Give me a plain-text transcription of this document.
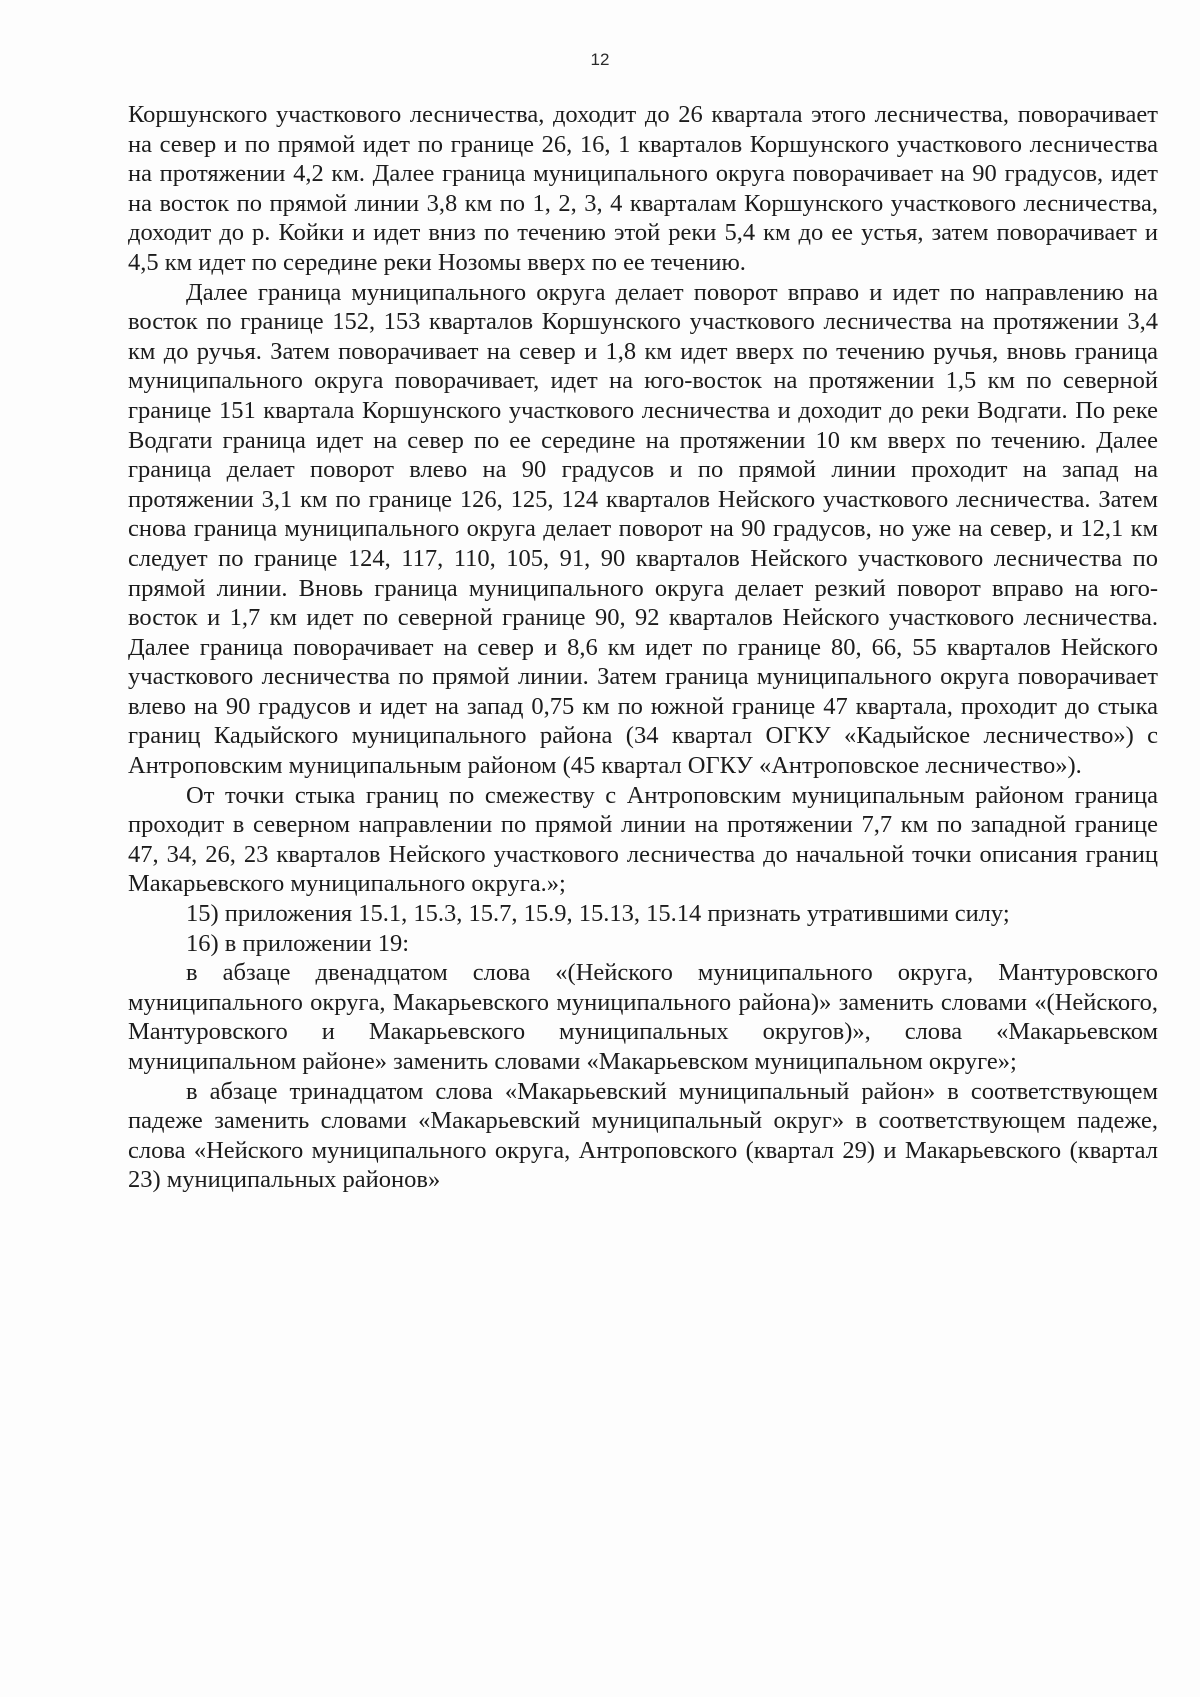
12

Коршунского участкового лесничества, доходит до 26 квартала этого лесничества, поворачивает на север и по прямой идет по границе 26, 16, 1 кварталов Коршунского участкового лесничества на протяжении 4,2 км. Далее граница муниципального округа поворачивает на 90 градусов, идет на восток по прямой линии 3,8 км по 1, 2, 3, 4 кварталам Коршунского участкового лесничества, доходит до р. Койки и идет вниз по течению этой реки 5,4 км до ее устья, затем поворачивает и 4,5 км идет по середине реки Нозомы вверх по ее течению.

Далее граница муниципального округа делает поворот вправо и идет по направлению на восток по границе 152, 153 кварталов Коршунского участкового лесничества на протяжении 3,4 км до ручья. Затем поворачивает на север и 1,8 км идет вверх по течению ручья, вновь граница муниципального округа поворачивает, идет на юго-восток на протяжении 1,5 км по северной границе 151 квартала Коршунского участкового лесничества и доходит до реки Водгати. По реке Водгати граница идет на север по ее середине на протяжении 10 км вверх по течению. Далее граница делает поворот влево на 90 градусов и по прямой линии проходит на запад на протяжении 3,1 км по границе 126, 125, 124 кварталов Нейского участкового лесничества. Затем снова граница муниципального округа делает поворот на 90 градусов, но уже на север, и 12,1 км следует по границе 124, 117, 110, 105, 91, 90 кварталов Нейского участкового лесничества по прямой линии. Вновь граница муниципального округа делает резкий поворот вправо на юго-восток и 1,7 км идет по северной границе 90, 92 кварталов Нейского участкового лесничества. Далее граница поворачивает на север и 8,6 км идет по границе 80, 66, 55 кварталов Нейского участкового лесничества по прямой линии. Затем граница муниципального округа поворачивает влево на 90 градусов и идет на запад 0,75 км по южной границе 47 квартала, проходит до стыка границ Кадыйского муниципального района (34 квартал ОГКУ «Кадыйское лесничество») с Антроповским муниципальным районом (45 квартал ОГКУ «Антроповское лесничество»).

От точки стыка границ по смежеству с Антроповским муниципальным районом граница проходит в северном направлении по прямой линии на протяжении 7,7 км по западной границе 47, 34, 26, 23 кварталов Нейского участкового лесничества до начальной точки описания границ Макарьевского муниципального округа.»;

15) приложения 15.1, 15.3, 15.7, 15.9, 15.13, 15.14 признать утратившими силу;

16) в приложении 19:

в абзаце двенадцатом слова «(Нейского муниципального округа, Мантуровского муниципального округа, Макарьевского муниципального района)» заменить словами «(Нейского, Мантуровского и Макарьевского муниципальных округов)», слова «Макарьевском муниципальном районе» заменить словами «Макарьевском муниципальном округе»;

в абзаце тринадцатом слова «Макарьевский муниципальный район» в соответствующем падеже заменить словами «Макарьевский муниципальный округ» в соответствующем падеже, слова «Нейского муниципального округа, Антроповского (квартал 29) и Макарьевского (квартал 23) муниципальных районов»
